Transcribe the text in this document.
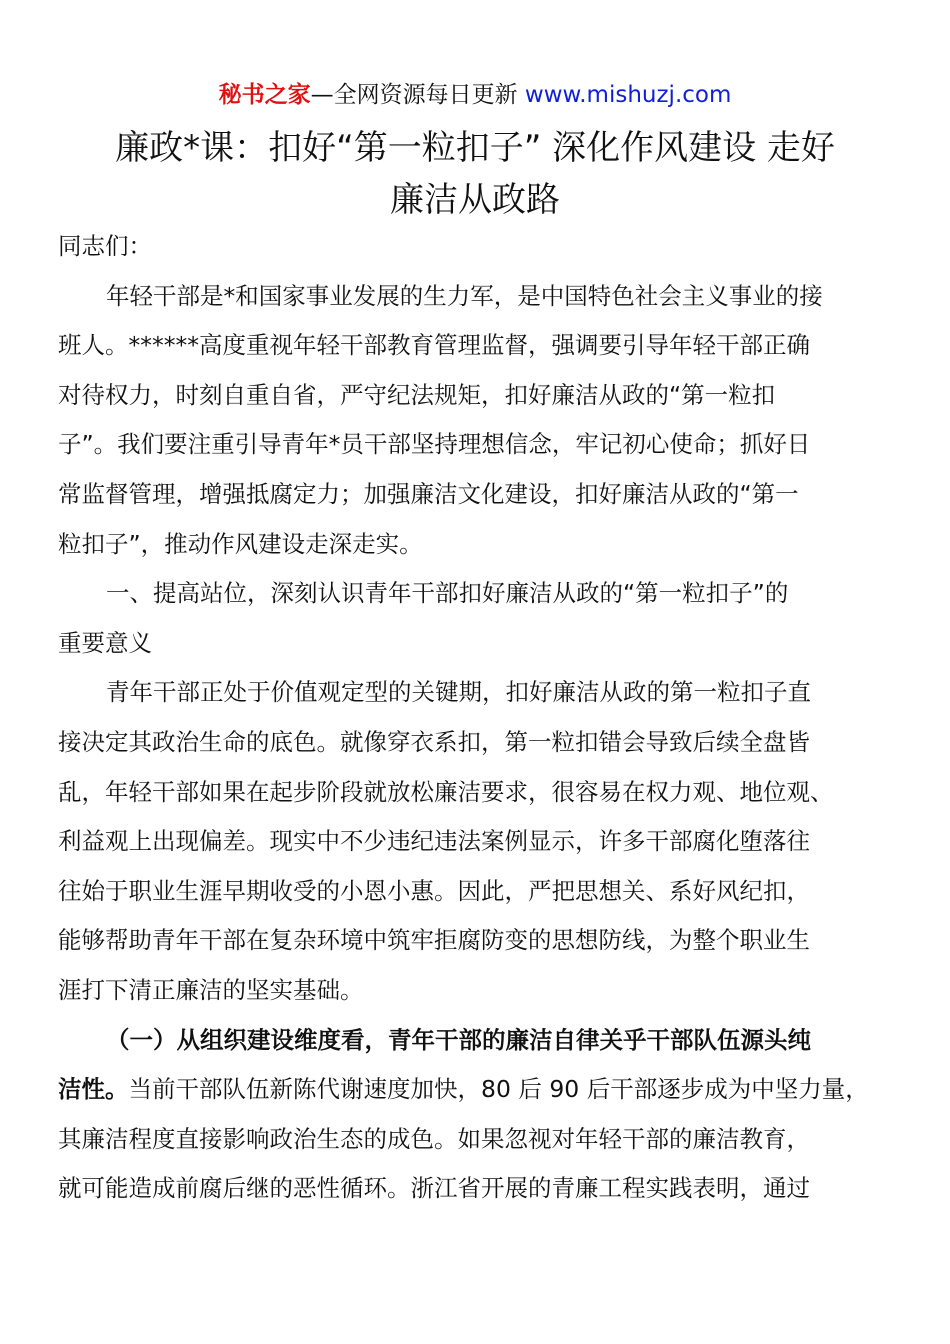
秘书之家—全网资源每日更新 www.mishuzj.com
廉政*课：扣好“第一粒扣子” 深化作风建设 走好
廉洁从政路
同志们：
年轻干部是*和国家事业发展的生力军，是中国特色社会主义事业的接
班人。******高度重视年轻干部教育管理监督，强调要引导年轻干部正确
对待权力，时刻自重自省，严守纪法规矩，扣好廉洁从政的“第一粒扣
子”。我们要注重引导青年*员干部坚持理想信念，牢记初心使命；抓好日
常监督管理，增强抵腐定力；加强廉洁文化建设，扣好廉洁从政的“第一
粒扣子”，推动作风建设走深走实。
一、提高站位，深刻认识青年干部扣好廉洁从政的“第一粒扣子”的
重要意义
青年干部正处于价值观定型的关键期，扣好廉洁从政的第一粒扣子直
接决定其政治生命的底色。就像穿衣系扣，第一粒扣错会导致后续全盘皆
乱，年轻干部如果在起步阶段就放松廉洁要求，很容易在权力观、地位观、
利益观上出现偏差。现实中不少违纪违法案例显示，许多干部腐化堕落往
往始于职业生涯早期收受的小恩小惠。因此，严把思想关、系好风纪扣，
能够帮助青年干部在复杂环境中筑牢拒腐防变的思想防线，为整个职业生
涯打下清正廉洁的坚实基础。
（一）从组织建设维度看，青年干部的廉洁自律关乎干部队伍源头纯
洁性。当前干部队伍新陈代谢速度加快，80 后 90 后干部逐步成为中坚力量，
其廉洁程度直接影响政治生态的成色。如果忽视对年轻干部的廉洁教育，
就可能造成前腐后继的恶性循环。浙江省开展的青廉工程实践表明，通过
